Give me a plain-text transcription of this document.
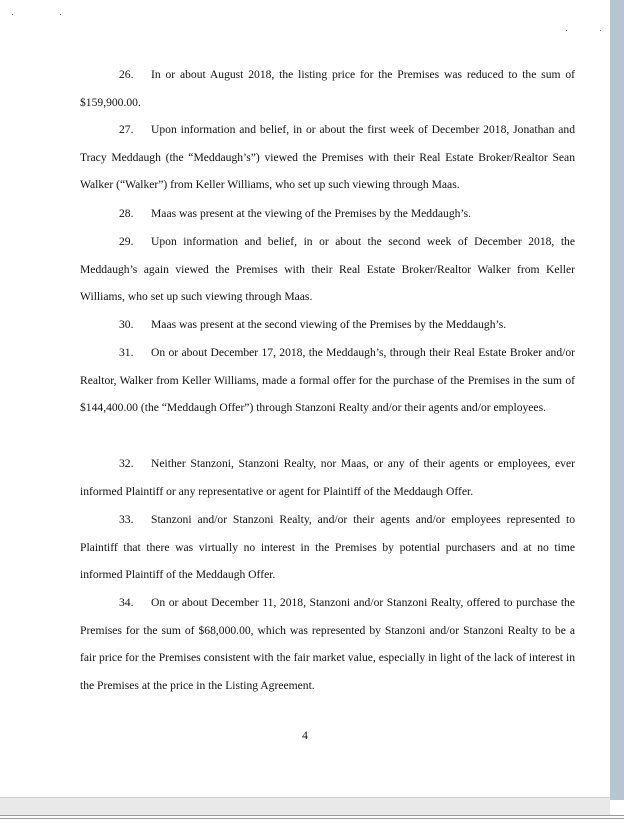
26. In or about August 2018, the listing price for the Premises was reduced to the sum of $159,900.00.

27. Upon information and belief, in or about the first week of December 2018, Jonathan and Tracy Meddaugh (the “Meddaugh’s”) viewed the Premises with their Real Estate Broker/Realtor Sean Walker (“Walker”) from Keller Williams, who set up such viewing through Maas.

28. Maas was present at the viewing of the Premises by the Meddaugh’s.

29. Upon information and belief, in or about the second week of December 2018, the Meddaugh’s again viewed the Premises with their Real Estate Broker/Realtor Walker from Keller Williams, who set up such viewing through Maas.

30. Maas was present at the second viewing of the Premises by the Meddaugh’s.

31. On or about December 17, 2018, the Meddaugh’s, through their Real Estate Broker and/or Realtor, Walker from Keller Williams, made a formal offer for the purchase of the Premises in the sum of $144,400.00 (the “Meddaugh Offer”) through Stanzoni Realty and/or their agents and/or employees.

32. Neither Stanzoni, Stanzoni Realty, nor Maas, or any of their agents or employees, ever informed Plaintiff or any representative or agent for Plaintiff of the Meddaugh Offer.

33. Stanzoni and/or Stanzoni Realty, and/or their agents and/or employees represented to Plaintiff that there was virtually no interest in the Premises by potential purchasers and at no time informed Plaintiff of the Meddaugh Offer.

34. On or about December 11, 2018, Stanzoni and/or Stanzoni Realty, offered to purchase the Premises for the sum of $68,000.00, which was represented by Stanzoni and/or Stanzoni Realty to be a fair price for the Premises consistent with the fair market value, especially in light of the lack of interest in the Premises at the price in the Listing Agreement.

4
